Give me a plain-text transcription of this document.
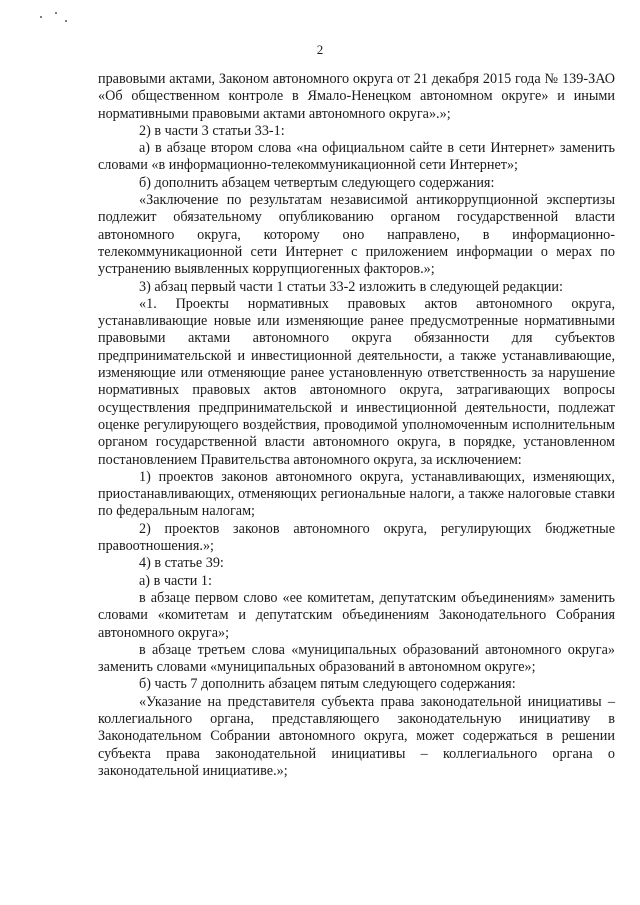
2

правовыми актами, Законом автономного округа от 21 декабря 2015 года № 139-ЗАО «Об общественном контроле в Ямало-Ненецком автономном округе» и иными нормативными правовыми актами автономного округа».»;

2) в части 3 статьи 33-1:

а) в абзаце втором слова «на официальном сайте в сети Интернет» заменить словами «в информационно-телекоммуникационной сети Интернет»;

б) дополнить абзацем четвертым следующего содержания:

«Заключение по результатам независимой антикоррупционной экспертизы подлежит обязательному опубликованию органом государственной власти автономного округа, которому оно направлено, в информационно-телекоммуникационной сети Интернет с приложением информации о мерах по устранению выявленных коррупциогенных факторов.»;

3) абзац первый части 1 статьи 33-2 изложить в следующей редакции:

«1. Проекты нормативных правовых актов автономного округа, устанавливающие новые или изменяющие ранее предусмотренные нормативными правовыми актами автономного округа обязанности для субъектов предпринимательской и инвестиционной деятельности, а также устанавливающие, изменяющие или отменяющие ранее установленную ответственность за нарушение нормативных правовых актов автономного округа, затрагивающих вопросы осуществления предпринимательской и инвестиционной деятельности, подлежат оценке регулирующего воздействия, проводимой уполномоченным исполнительным органом государственной власти автономного округа, в порядке, установленном постановлением Правительства автономного округа, за исключением:

1) проектов законов автономного округа, устанавливающих, изменяющих, приостанавливающих, отменяющих региональные налоги, а также налоговые ставки по федеральным налогам;

2) проектов законов автономного округа, регулирующих бюджетные правоотношения.»;

4) в статье 39:

а) в части 1:

в абзаце первом слово «ее комитетам, депутатским объединениям» заменить словами «комитетам и депутатским объединениям Законодательного Собрания автономного округа»;

в абзаце третьем слова «муниципальных образований автономного округа» заменить словами «муниципальных образований в автономном округе»;

б) часть 7 дополнить абзацем пятым следующего содержания:

«Указание на представителя субъекта права законодательной инициативы – коллегиального органа, представляющего законодательную инициативу в Законодательном Собрании автономного округа, может содержаться в решении субъекта права законодательной инициативы – коллегиального органа о законодательной инициативе.»;
